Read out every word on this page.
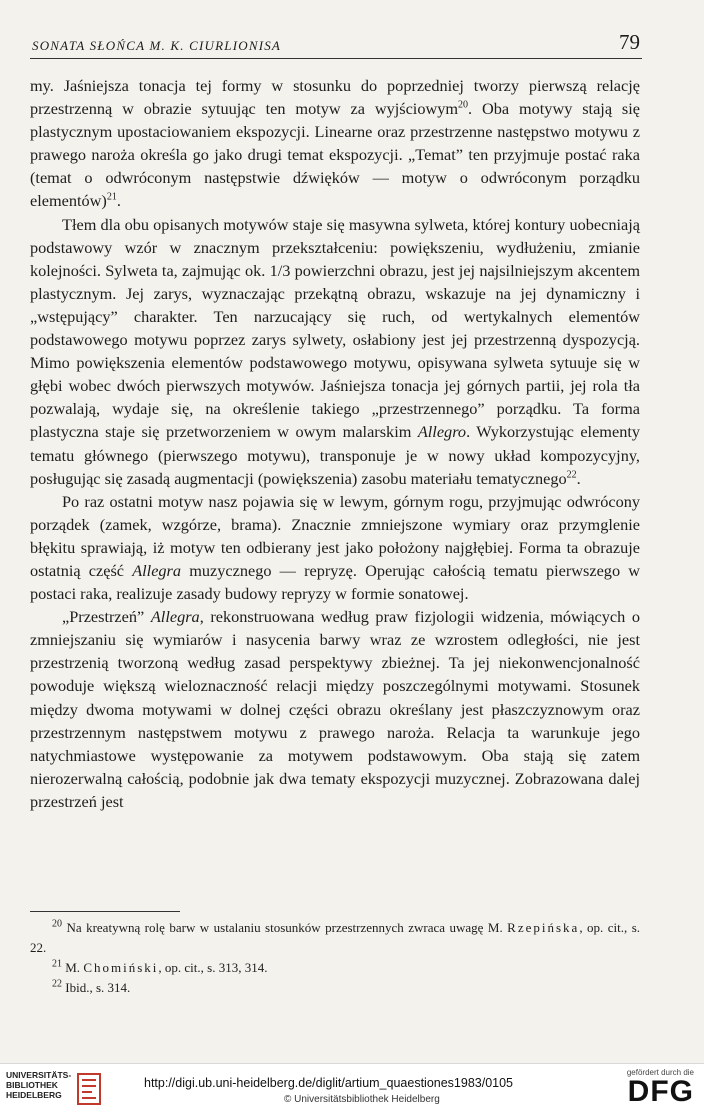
SONATA SŁOŃCA M. K. CIURLIONISA	79

my. Jaśniejsza tonacja tej formy w stosunku do poprzedniej tworzy pierwszą relację przestrzenną w obrazie sytuując ten motyw za wyjściowym$^{20}$. Oba motywy stają się plastycznym upostaciowaniem ekspozycji. Linearne oraz przestrzenne następstwo motywu z prawego naroża określa go jako drugi temat ekspozycji. „Temat” ten przyjmuje postać raka (temat o odwróconym następstwie dźwięków — motyw o odwróconym porządku elementów)$^{21}$.

Tłem dla obu opisanych motywów staje się masywna sylweta, której kontury uobecniają podstawowy wzór w znacznym przekształceniu: powiększeniu, wydłużeniu, zmianie kolejności. Sylweta ta, zajmując ok. 1/3 powierzchni obrazu, jest jej najsilniejszym akcentem plastycznym. Jej zarys, wyznaczając przekątną obrazu, wskazuje na jej dynamiczny i „wstępujący” charakter. Ten narzucający się ruch, od wertykalnych elementów podstawowego motywu poprzez zarys sylwety, osłabiony jest jej przestrzenną dyspozycją. Mimo powiększenia elementów podstawowego motywu, opisywana sylweta sytuuje się w głębi wobec dwóch pierwszych motywów. Jaśniejsza tonacja jej górnych partii, jej rola tła pozwalają, wydaje się, na określenie takiego „przestrzennego” porządku. Ta forma plastyczna staje się przetworzeniem w owym malarskim Allegro. Wykorzystując elementy tematu głównego (pierwszego motywu), transponuje je w nowy układ kompozycyjny, posługując się zasadą augmentacji (powiększenia) zasobu materiału tematycznego$^{22}$.

Po raz ostatni motyw nasz pojawia się w lewym, górnym rogu, przyjmując odwrócony porządek (zamek, wzgórze, brama). Znacznie zmniejszone wymiary oraz przymglenie błękitu sprawiają, iż motyw ten odbierany jest jako położony najgłębiej. Forma ta obrazuje ostatnią część Allegra muzycznego — repryzę. Operując całością tematu pierwszego w postaci raka, realizuje zasady budowy repryzy w formie sonatowej.

„Przestrzeń” Allegra, rekonstruowana według praw fizjologii widzenia, mówiących o zmniejszaniu się wymiarów i nasycenia barwy wraz ze wzrostem odległości, nie jest przestrzenią tworzoną według zasad perspektywy zbieżnej. Ta jej niekonwencjonalność powoduje większą wieloznaczność relacji między poszczególnymi motywami. Stosunek między dwoma motywami w dolnej części obrazu określany jest płaszczyznowym oraz przestrzennym następstwem motywu z prawego naroża. Relacja ta warunkuje jego natychmiastowe występowanie za motywem podstawowym. Oba stają się zatem nierozerwalną całością, podobnie jak dwa tematy ekspozycji muzycznej. Zobrazowana dalej przestrzeń jest

$^{20}$ Na kreatywną rolę barw w ustalaniu stosunków przestrzennych zwraca uwagę M. Rzepińska, op. cit., s. 22.

$^{21}$ M. Chomiński, op. cit., s. 313, 314.

$^{22}$ Ibid., s. 314.

UNIVERSITÄTS-
BIBLIOTHEK
HEIDELBERG
http://digi.ub.uni-heidelberg.de/diglit/artium_quaestiones1983/0105
© Universitätsbibliothek Heidelberg
gefördert durch die
DFG
